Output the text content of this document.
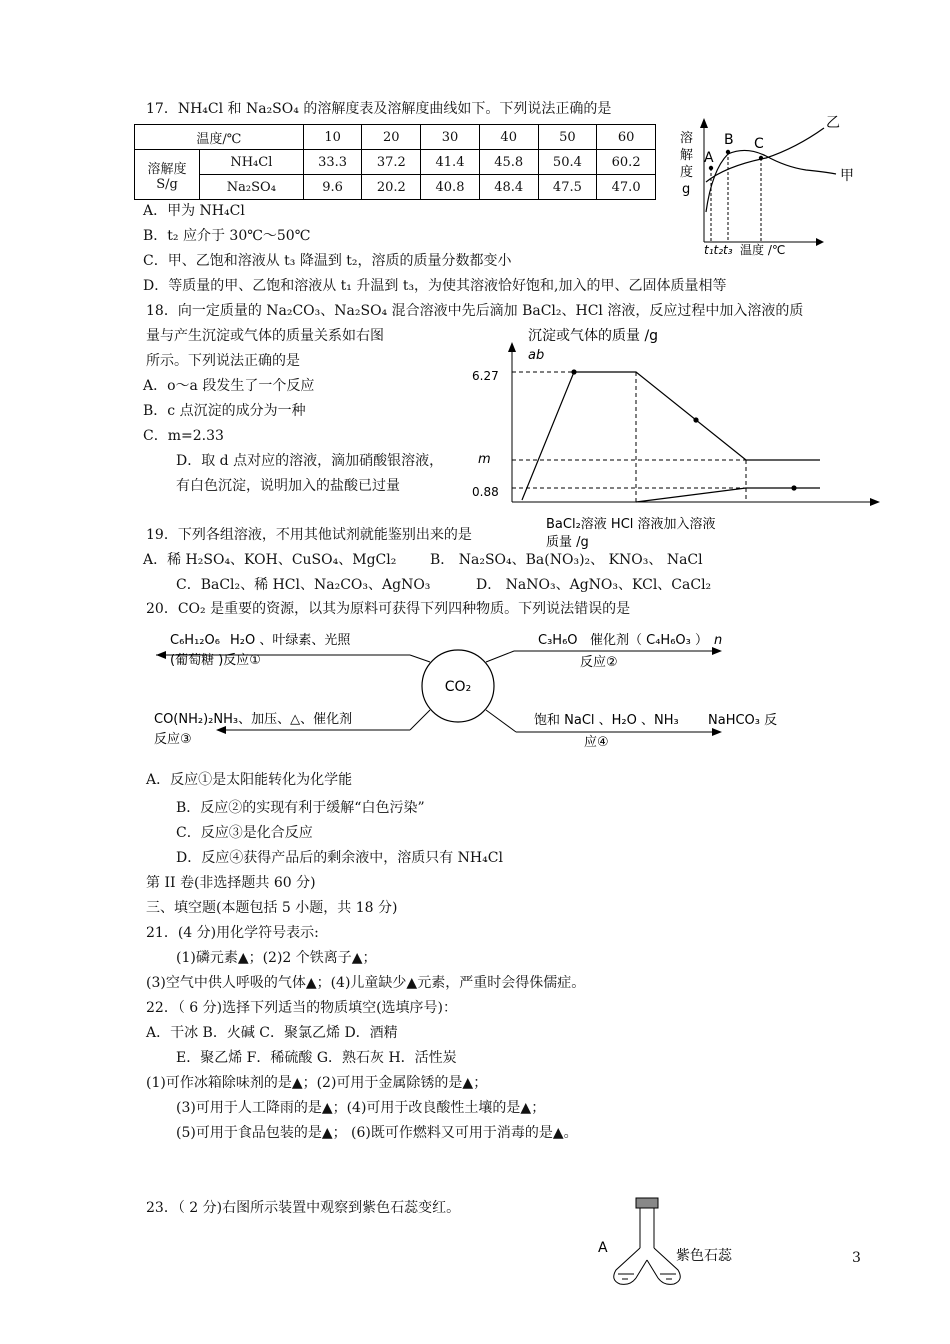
17．NH₄Cl 和 Na₂SO₄ 的溶解度表及溶解度曲线如下。下列说法正确的是
温度/℃		10	20	30	40	50	60

溶解度
S/g	NH₄Cl	33.3	37.2	41.4	45.8	50.4	60.2
	Na₂SO₄	9.6	20.2	40.8	48.4	47.5	47.0
溶
解
度
g
A
B C
乙
甲
t₁t₂t₃ 温度 /℃
A．甲为 NH₄Cl
B．t₂ 应介于 30℃～50℃
C．甲、乙饱和溶液从 t₃ 降温到 t₂，溶质的质量分数都变小
D．等质量的甲、乙饱和溶液从 t₁ 升温到 t₃，为使其溶液恰好饱和,加入的甲、乙固体质量相等
18．向一定质量的 Na₂CO₃、Na₂SO₄ 混合溶液中先后滴加 BaCl₂、HCl 溶液，反应过程中加入溶液的质
量与产生沉淀或气体的质量关系如右图
所示。下列说法正确的是
A．o～a 段发生了一个反应
B．c 点沉淀的成分为一种
C．m=2.33
D．取 d 点对应的溶液，滴加硝酸银溶液，
有白色沉淀，说明加入的盐酸已过量
沉淀或气体的质量 /g
ab
6.27
0.88
m
BaCl₂溶液 HCl 溶液加入溶液
质量 /g
19．下列各组溶液，不用其他试剂就能鉴别出来的是
A．稀 H₂SO₄、KOH、CuSO₄、MgCl₂ B． Na₂SO₄、Ba(NO₃)₂、 KNO₃、 NaCl
C．BaCl₂、稀 HCl、Na₂CO₃、AgNO₃	D． NaNO₃、AgNO₃、KCl、CaCl₂
20．CO₂ 是重要的资源，以其为原料可获得下列四种物质。下列说法错误的是
CO₂
C₆H₁₂O₆ H₂O 、叶绿素、光照
(葡萄糖 )反应①
C₃H₆O 催化剂（ C₄H₆O₃ ） n
反应②
CO(NH₂)₂NH₃、加压、△、催化剂
反应③
饱和 NaCl 、H₂O 、NH₃ NaHCO₃ 反
应④
A．反应①是太阳能转化为化学能
B．反应②的实现有利于缓解“白色污染”
C．反应③是化合反应
D．反应④获得产品后的剩余液中，溶质只有 NH₄Cl
第 II 卷(非选择题共 60 分)
三、填空题(本题包括 5 小题，共 18 分)
21．(4 分)用化学符号表示:
(1)磷元素▲；(2)2 个铁离子▲；
(3)空气中供人呼吸的气体▲；(4)儿童缺少▲元素，严重时会得侏儒症。
22．（ 6 分)选择下列适当的物质填空(选填序号)：
A．干冰 B．火碱 C．聚氯乙烯 D．酒精
E．聚乙烯 F．稀硫酸 G．熟石灰 H．活性炭
(1)可作冰箱除味剂的是▲；(2)可用于金属除锈的是▲；
(3)可用于人工降雨的是▲；(4)可用于改良酸性土壤的是▲；
(5)可用于食品包装的是▲； (6)既可作燃料又可用于消毒的是▲。
23．（ 2 分)右图所示装置中观察到紫色石蕊变红。
A	紫色石蕊	3
